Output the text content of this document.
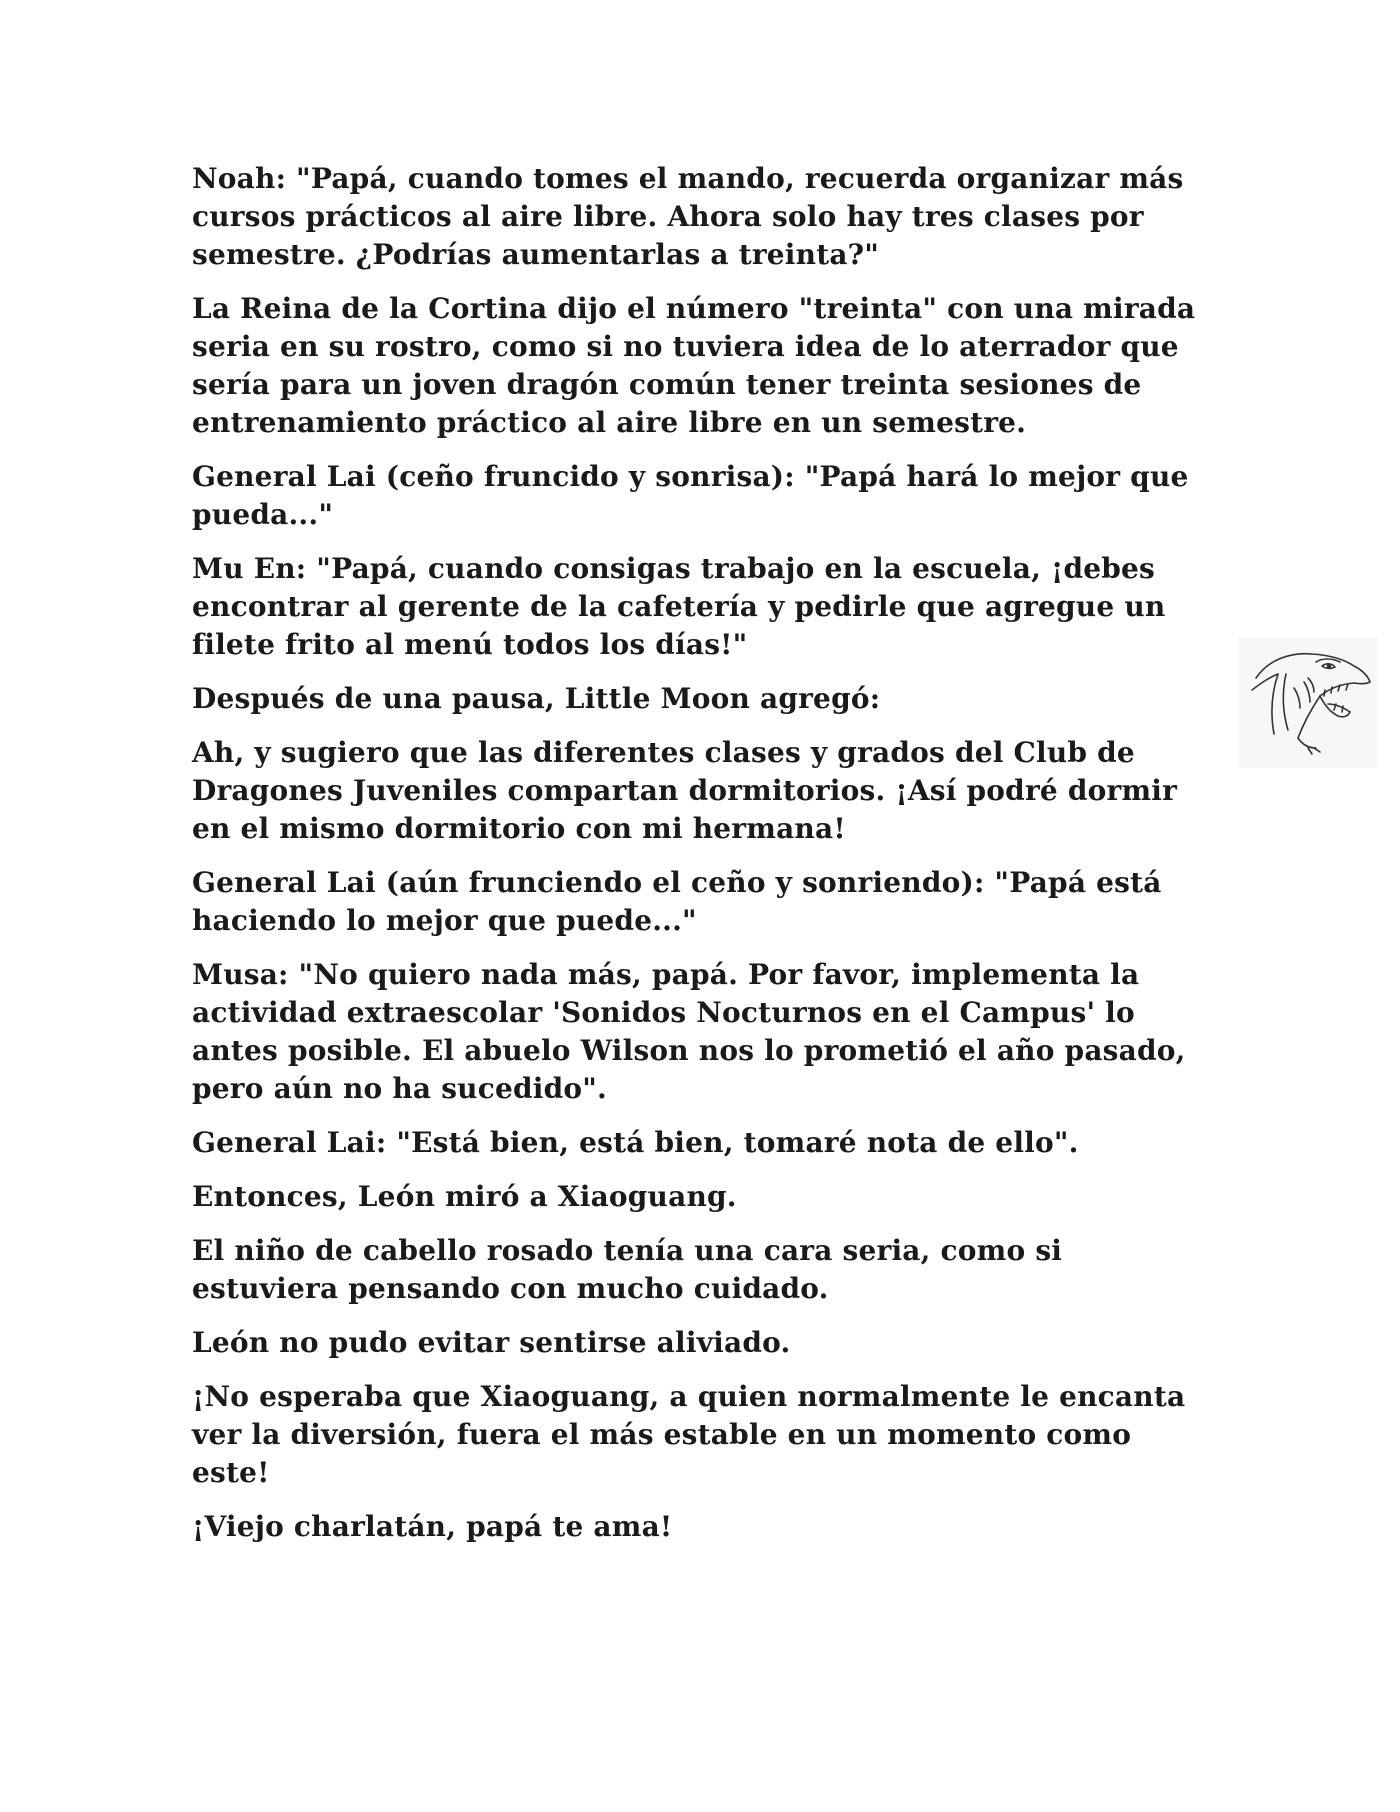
Noah: "Papá, cuando tomes el mando, recuerda organizar más cursos prácticos al aire libre. Ahora solo hay tres clases por semestre. ¿Podrías aumentarlas a treinta?"

La Reina de la Cortina dijo el número "treinta" con una mirada seria en su rostro, como si no tuviera idea de lo aterrador que sería para un joven dragón común tener treinta sesiones de entrenamiento práctico al aire libre en un semestre.

General Lai (ceño fruncido y sonrisa): "Papá hará lo mejor que pueda..."

Mu En: "Papá, cuando consigas trabajo en la escuela, ¡debes encontrar al gerente de la cafetería y pedirle que agregue un filete frito al menú todos los días!"

Después de una pausa, Little Moon agregó:

Ah, y sugiero que las diferentes clases y grados del Club de Dragones Juveniles compartan dormitorios. ¡Así podré dormir en el mismo dormitorio con mi hermana!

General Lai (aún frunciendo el ceño y sonriendo): "Papá está haciendo lo mejor que puede..."

Musa: "No quiero nada más, papá. Por favor, implementa la actividad extraescolar 'Sonidos Nocturnos en el Campus' lo antes posible. El abuelo Wilson nos lo prometió el año pasado, pero aún no ha sucedido".

General Lai: "Está bien, está bien, tomaré nota de ello".

Entonces, León miró a Xiaoguang.

El niño de cabello rosado tenía una cara seria, como si estuviera pensando con mucho cuidado.

León no pudo evitar sentirse aliviado.

¡No esperaba que Xiaoguang, a quien normalmente le encanta ver la diversión, fuera el más estable en un momento como este!

¡Viejo charlatán, papá te ama!
